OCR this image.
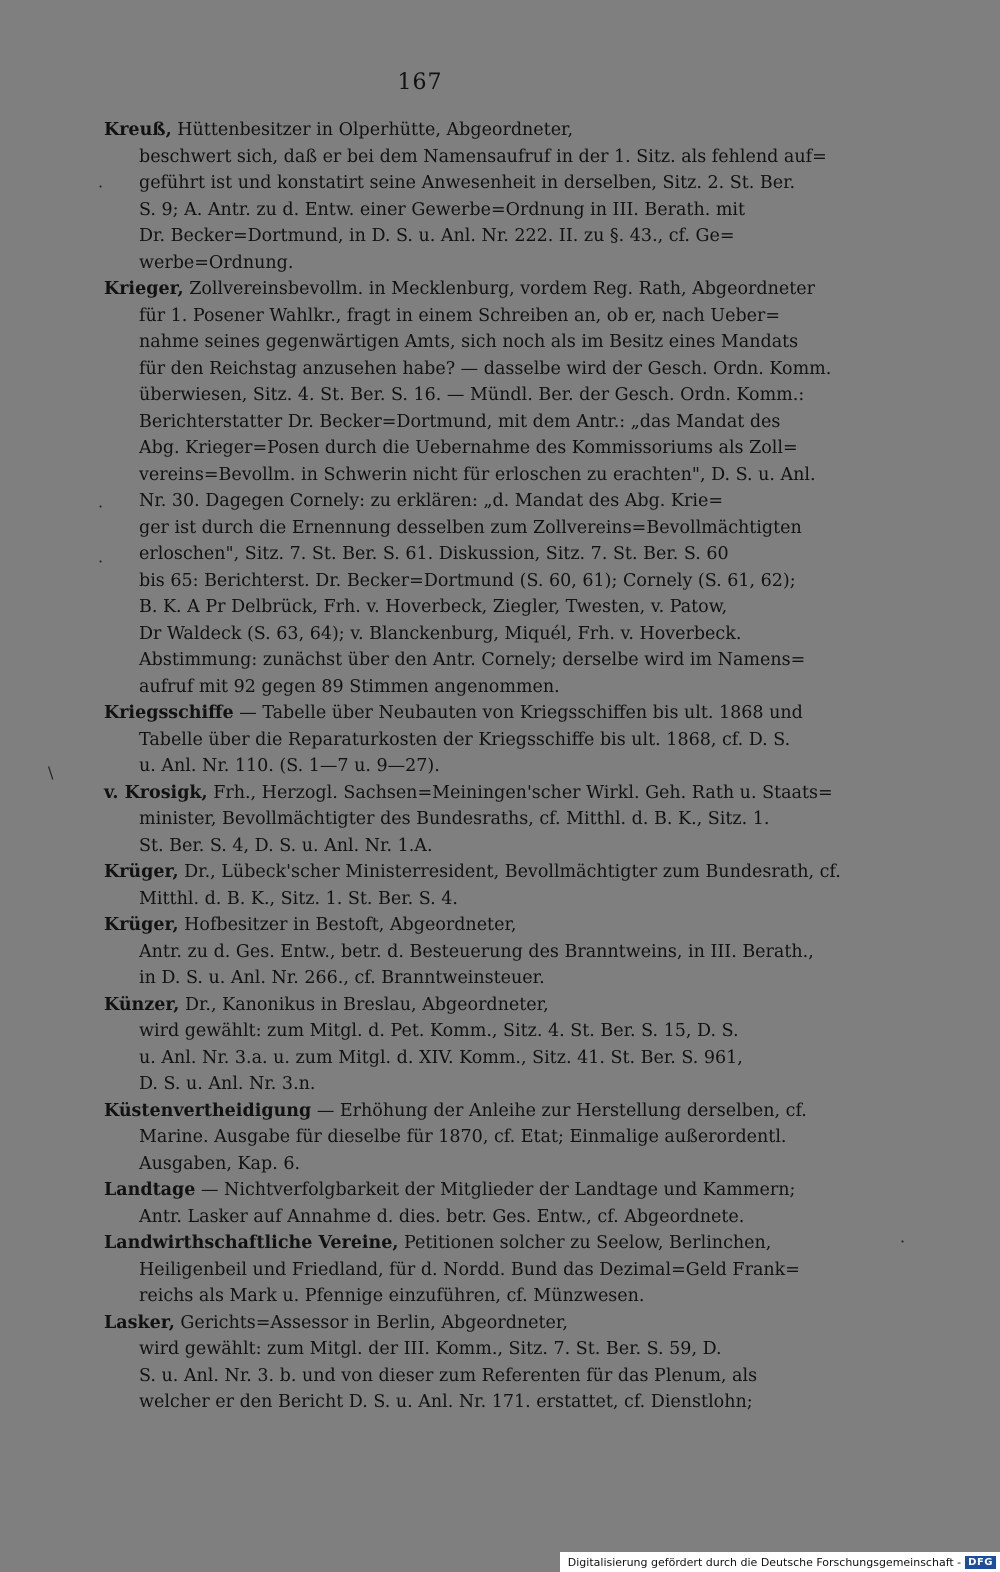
167
Kreuß, Hüttenbesitzer in Olperhütte, Abgeordneter,
beschwert sich, daß er bei dem Namensaufruf in der 1. Sitz. als fehlend auf=
geführt ist und konstatirt seine Anwesenheit in derselben, Sitz. 2. St. Ber.
S. 9; A. Antr. zu d. Entw. einer Gewerbe=Ordnung in III. Berath. mit
Dr. Becker=Dortmund, in D. S. u. Anl. Nr. 222. II. zu §. 43., cf. Ge=
werbe=Ordnung.
Krieger, Zollvereinsbevollm. in Mecklenburg, vordem Reg. Rath, Abgeordneter
für 1. Posener Wahlkr., fragt in einem Schreiben an, ob er, nach Ueber=
nahme seines gegenwärtigen Amts, sich noch als im Besitz eines Mandats
für den Reichstag anzusehen habe? — dasselbe wird der Gesch. Ordn. Komm.
überwiesen, Sitz. 4. St. Ber. S. 16. — Mündl. Ber. der Gesch. Ordn. Komm.:
Berichterstatter Dr. Becker=Dortmund, mit dem Antr.: „das Mandat des
Abg. Krieger=Posen durch die Uebernahme des Kommissoriums als Zoll=
vereins=Bevollm. in Schwerin nicht für erloschen zu erachten", D. S. u. Anl.
Nr. 30. Dagegen Cornely: zu erklären: „d. Mandat des Abg. Krie=
ger ist durch die Ernennung desselben zum Zollvereins=Bevollmächtigten
erloschen", Sitz. 7. St. Ber. S. 61. Diskussion, Sitz. 7. St. Ber. S. 60
bis 65: Berichterst. Dr. Becker=Dortmund (S. 60, 61); Cornely (S. 61, 62);
B. K. A Pr Delbrück, Frh. v. Hoverbeck, Ziegler, Twesten, v. Patow,
Dr Waldeck (S. 63, 64); v. Blanckenburg, Miquél, Frh. v. Hoverbeck.
Abstimmung: zunächst über den Antr. Cornely; derselbe wird im Namens=
aufruf mit 92 gegen 89 Stimmen angenommen.
Kriegsschiffe — Tabelle über Neubauten von Kriegsschiffen bis ult. 1868 und
Tabelle über die Reparaturkosten der Kriegsschiffe bis ult. 1868, cf. D. S.
u. Anl. Nr. 110. (S. 1—7 u. 9—27).
v. Krosigk, Frh., Herzogl. Sachsen=Meiningen'scher Wirkl. Geh. Rath u. Staats=
minister, Bevollmächtigter des Bundesraths, cf. Mitthl. d. B. K., Sitz. 1.
St. Ber. S. 4, D. S. u. Anl. Nr. 1.A.
Krüger, Dr., Lübeck'scher Ministerresident, Bevollmächtigter zum Bundesrath, cf.
Mitthl. d. B. K., Sitz. 1. St. Ber. S. 4.
Krüger, Hofbesitzer in Bestoft, Abgeordneter,
Antr. zu d. Ges. Entw., betr. d. Besteuerung des Branntweins, in III. Berath.,
in D. S. u. Anl. Nr. 266., cf. Branntweinsteuer.
Künzer, Dr., Kanonikus in Breslau, Abgeordneter,
wird gewählt: zum Mitgl. d. Pet. Komm., Sitz. 4. St. Ber. S. 15, D. S.
u. Anl. Nr. 3.a. u. zum Mitgl. d. XIV. Komm., Sitz. 41. St. Ber. S. 961,
D. S. u. Anl. Nr. 3.n.
Küstenvertheidigung — Erhöhung der Anleihe zur Herstellung derselben, cf.
Marine. Ausgabe für dieselbe für 1870, cf. Etat; Einmalige außerordentl.
Ausgaben, Kap. 6.
Landtage — Nichtverfolgbarkeit der Mitglieder der Landtage und Kammern;
Antr. Lasker auf Annahme d. dies. betr. Ges. Entw., cf. Abgeordnete.
Landwirthschaftliche Vereine, Petitionen solcher zu Seelow, Berlinchen,
Heiligenbeil und Friedland, für d. Nordd. Bund das Dezimal=Geld Frank=
reichs als Mark u. Pfennige einzuführen, cf. Münzwesen.
Lasker, Gerichts=Assessor in Berlin, Abgeordneter,
wird gewählt: zum Mitgl. der III. Komm., Sitz. 7. St. Ber. S. 59, D.
S. u. Anl. Nr. 3. b. und von dieser zum Referenten für das Plenum, als
welcher er den Bericht D. S. u. Anl. Nr. 171. erstattet, cf. Dienstlohn;
·
·
·
\
·
Digitalisierung gefördert durch die Deutsche Forschungsgemeinschaft - DFG
